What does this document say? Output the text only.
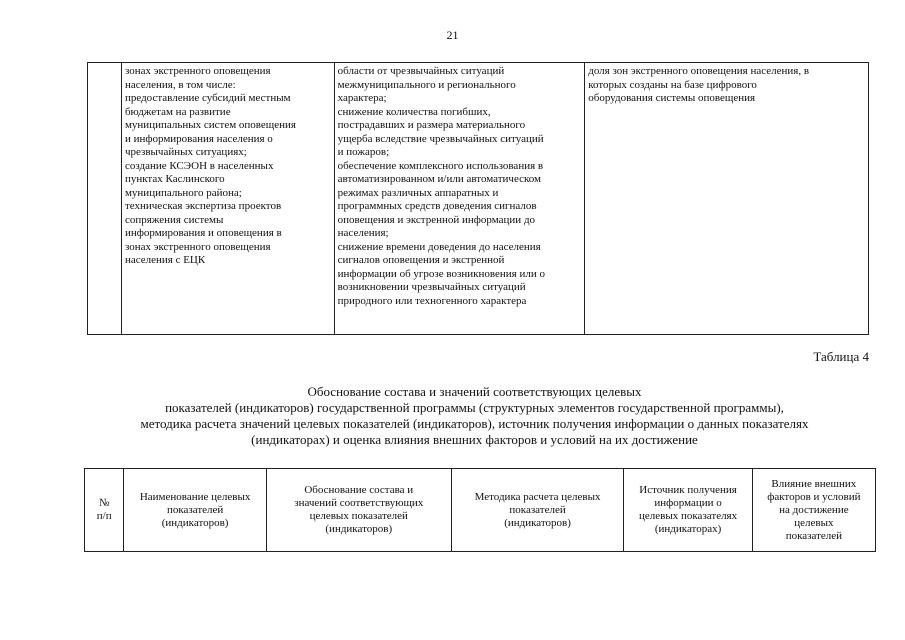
21

зонах экстренного оповещения
населения, в том числе:
предоставление субсидий местным
бюджетам на развитие
муниципальных систем оповещения
и информирования населения о
чрезвычайных ситуациях;
создание КСЭОН в населенных
пунктах Каслинского
муниципального района;
техническая экспертиза проектов
сопряжения системы
информирования и оповещения в
зонах экстренного оповещения
населения с ЕЦК

области от чрезвычайных ситуаций
межмуниципального и регионального
характера;
снижение количества погибших,
пострадавших и размера материального
ущерба вследствие чрезвычайных ситуаций
и пожаров;
обеспечение комплексного использования в
автоматизированном и/или автоматическом
режимах различных аппаратных и
программных средств доведения сигналов
оповещения и экстренной информации до
населения;
снижение времени доведения до населения
сигналов оповещения и экстренной
информации об угрозе возникновения или о
возникновении чрезвычайных ситуаций
природного или техногенного характера

доля зон экстренного оповещения населения, в
которых созданы на базе цифрового
оборудования системы оповещения
Таблица 4
Обоснование состава и значений соответствующих целевых
показателей (индикаторов) государственной программы (структурных элементов государственной программы),
методика расчета значений целевых показателей (индикаторов), источник получения информации о данных показателях
(индикаторах) и оценка влияния внешних факторов и условий на их достижение
№
п/п

Наименование целевых
показателей
(индикаторов)

Обоснование состава и
значений соответствующих
целевых показателей
(индикаторов)

Методика расчета целевых
показателей
(индикаторов)

Источник получения
информации о
целевых показателях
(индикаторах)

Влияние внешних
факторов и условий
на достижение
целевых
показателей
